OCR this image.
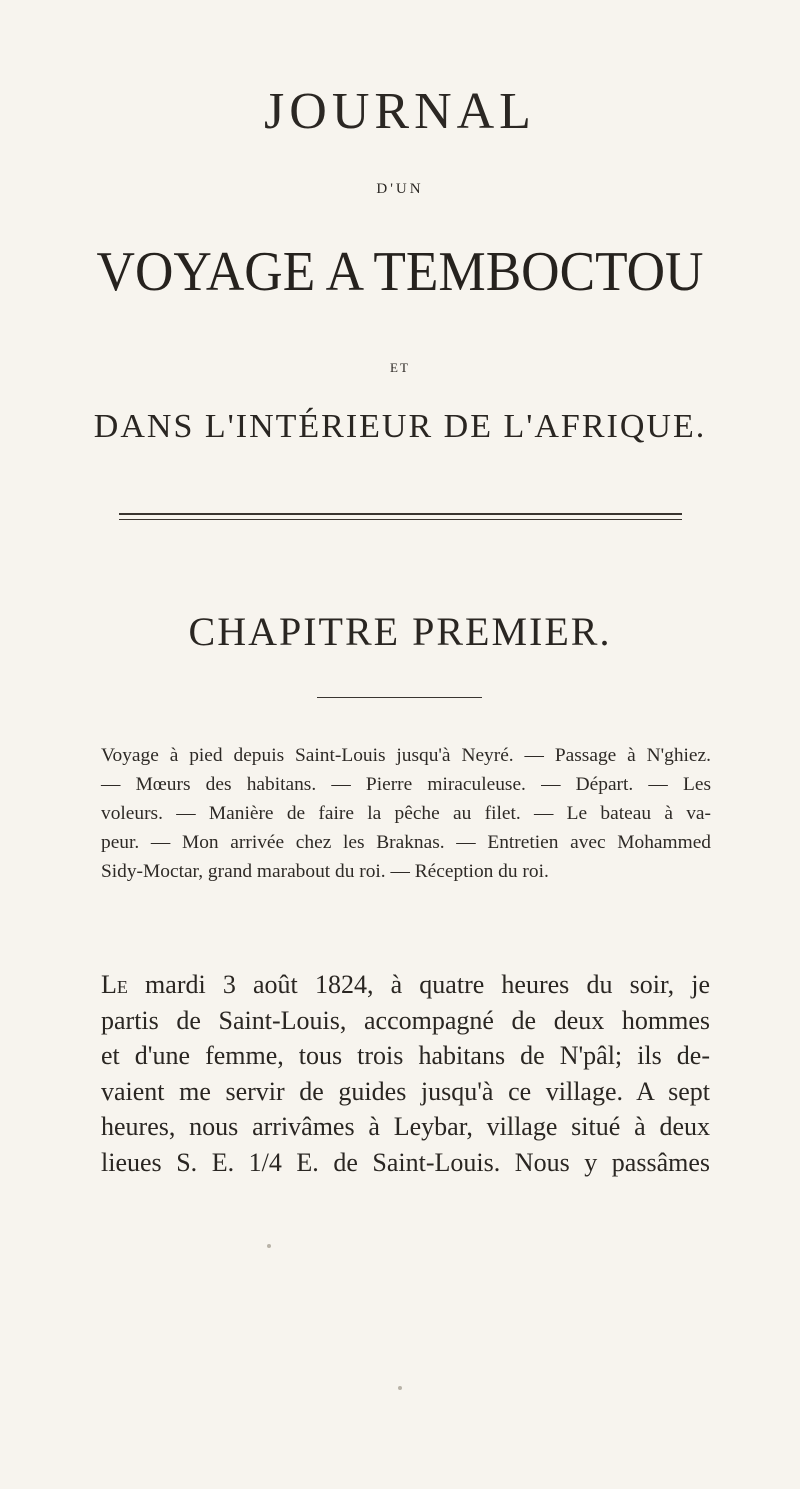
JOURNAL
D'UN
VOYAGE A TEMBOCTOU
ET
DANS L'INTÉRIEUR DE L'AFRIQUE.
CHAPITRE PREMIER.
Voyage à pied depuis Saint-Louis jusqu'à Neyré. — Passage à N'ghiez.
— Mœurs des habitans. — Pierre miraculeuse. — Départ. — Les
voleurs. — Manière de faire la pêche au filet. — Le bateau à va-
peur. — Mon arrivée chez les Braknas. — Entretien avec Mohammed
Sidy-Moctar, grand marabout du roi. — Réception du roi.
Le mardi 3 août 1824, à quatre heures du soir, je
partis de Saint-Louis, accompagné de deux hommes
et d'une femme, tous trois habitans de N'pâl; ils de-
vaient me servir de guides jusqu'à ce village. A sept
heures, nous arrivâmes à Leybar, village situé à deux
lieues S. E. 1/4 E. de Saint-Louis. Nous y passâmes
